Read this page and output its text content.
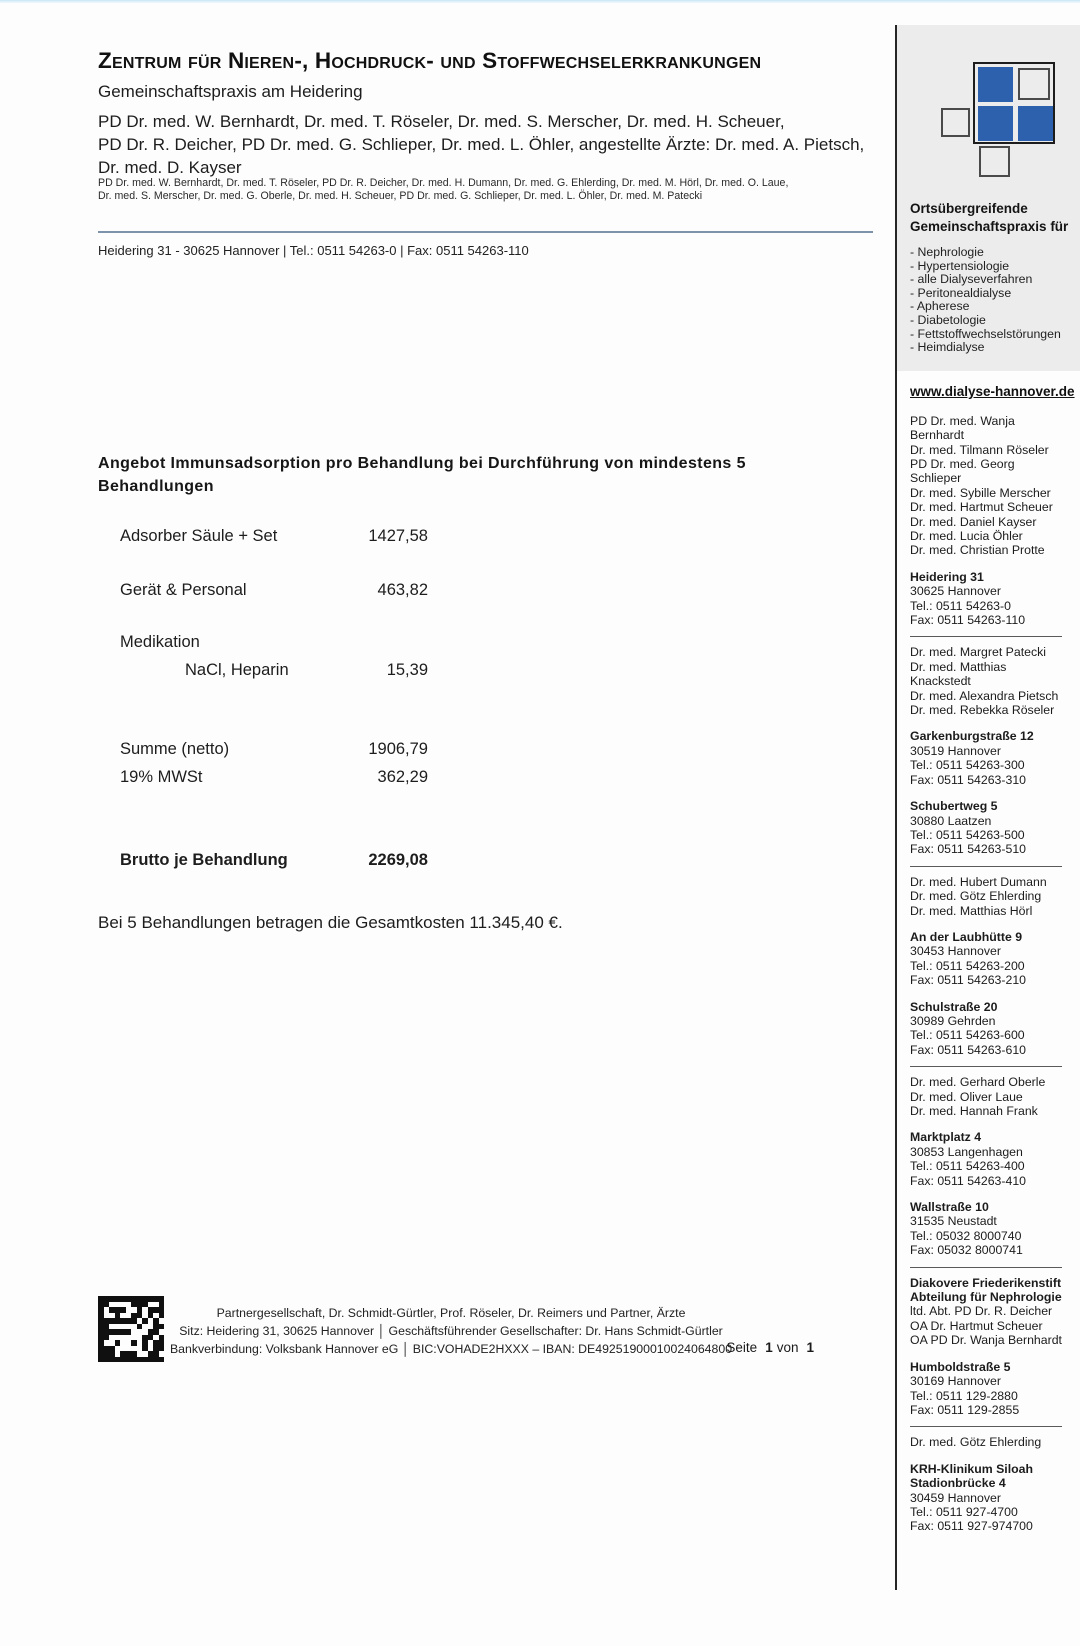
Zentrum für Nieren-, Hochdruck- und Stoffwechselerkrankungen
Gemeinschaftspraxis am Heidering
PD Dr. med. W. Bernhardt, Dr. med. T. Röseler, Dr. med. S. Merscher, Dr. med. H. Scheuer,
PD Dr. R. Deicher, PD Dr. med. G. Schlieper, Dr. med. L. Öhler, angestellte Ärzte: Dr. med. A. Pietsch,
Dr. med. D. Kayser
PD Dr. med. W. Bernhardt, Dr. med. T. Röseler, PD Dr. R. Deicher, Dr. med. H. Dumann, Dr. med. G. Ehlerding, Dr. med. M. Hörl, Dr. med. O. Laue,
Dr. med. S. Merscher, Dr. med. G. Oberle, Dr. med. H. Scheuer, PD Dr. med. G. Schlieper, Dr. med. L. Öhler, Dr. med. M. Patecki
Heidering 31 - 30625 Hannover | Tel.: 0511 54263-0 | Fax: 0511 54263-110
Angebot Immunsadsorption pro Behandlung bei Durchführung von mindestens 5 Behandlungen
Adsorber Säule + Set	1427,58
Gerät & Personal	463,82
Medikation
NaCl, Heparin	15,39
Summe (netto)	1906,79
19% MWSt	362,29
Brutto je Behandlung	2269,08
Bei 5 Behandlungen betragen die Gesamtkosten 11.345,40 €.
Partnergesellschaft, Dr. Schmidt-Gürtler, Prof. Röseler, Dr. Reimers und Partner, Ärzte
Sitz: Heidering 31, 30625 Hannover │ Geschäftsführender Gesellschafter: Dr. Hans Schmidt-Gürtler
Bankverbindung: Volksbank Hannover eG │ BIC:VOHADE2HXXX – IBAN: DE49251900010024064800
Seite 1 von 1
Ortsübergreifende
Gemeinschaftspraxis für
- Nephrologie
- Hypertensiologie
- alle Dialyseverfahren
- Peritonealdialyse
- Apherese
- Diabetologie
- Fettstoffwechselstörungen
- Heimdialyse
www.dialyse-hannover.de
PD Dr. med. Wanja Bernhardt
Dr. med. Tilmann Röseler
PD Dr. med. Georg Schlieper
Dr. med. Sybille Merscher
Dr. med. Hartmut Scheuer
Dr. med. Daniel Kayser
Dr. med. Lucia Öhler
Dr. med. Christian Protte
Heidering 31
30625 Hannover
Tel.: 0511 54263-0
Fax: 0511 54263-110
Dr. med. Margret Patecki
Dr. med. Matthias Knackstedt
Dr. med. Alexandra Pietsch
Dr. med. Rebekka Röseler
Garkenburgstraße 12
30519 Hannover
Tel.: 0511 54263-300
Fax: 0511 54263-310
Schubertweg 5
30880 Laatzen
Tel.: 0511 54263-500
Fax: 0511 54263-510
Dr. med. Hubert Dumann
Dr. med. Götz Ehlerding
Dr. med. Matthias Hörl
An der Laubhütte 9
30453 Hannover
Tel.: 0511 54263-200
Fax: 0511 54263-210
Schulstraße 20
30989 Gehrden
Tel.: 0511 54263-600
Fax: 0511 54263-610
Dr. med. Gerhard Oberle
Dr. med. Oliver Laue
Dr. med. Hannah Frank
Marktplatz 4
30853 Langenhagen
Tel.: 0511 54263-400
Fax: 0511 54263-410
Wallstraße 10
31535 Neustadt
Tel.: 05032 8000740
Fax: 05032 8000741
Diakovere Friederikenstift
Abteilung für Nephrologie
ltd. Abt. PD Dr. R. Deicher
OA Dr. Hartmut Scheuer
OA PD Dr. Wanja Bernhardt
Humboldstraße 5
30169 Hannover
Tel.: 0511 129-2880
Fax: 0511 129-2855
Dr. med. Götz Ehlerding
KRH-Klinikum Siloah
Stadionbrücke 4
30459 Hannover
Tel.: 0511 927-4700
Fax: 0511 927-974700
